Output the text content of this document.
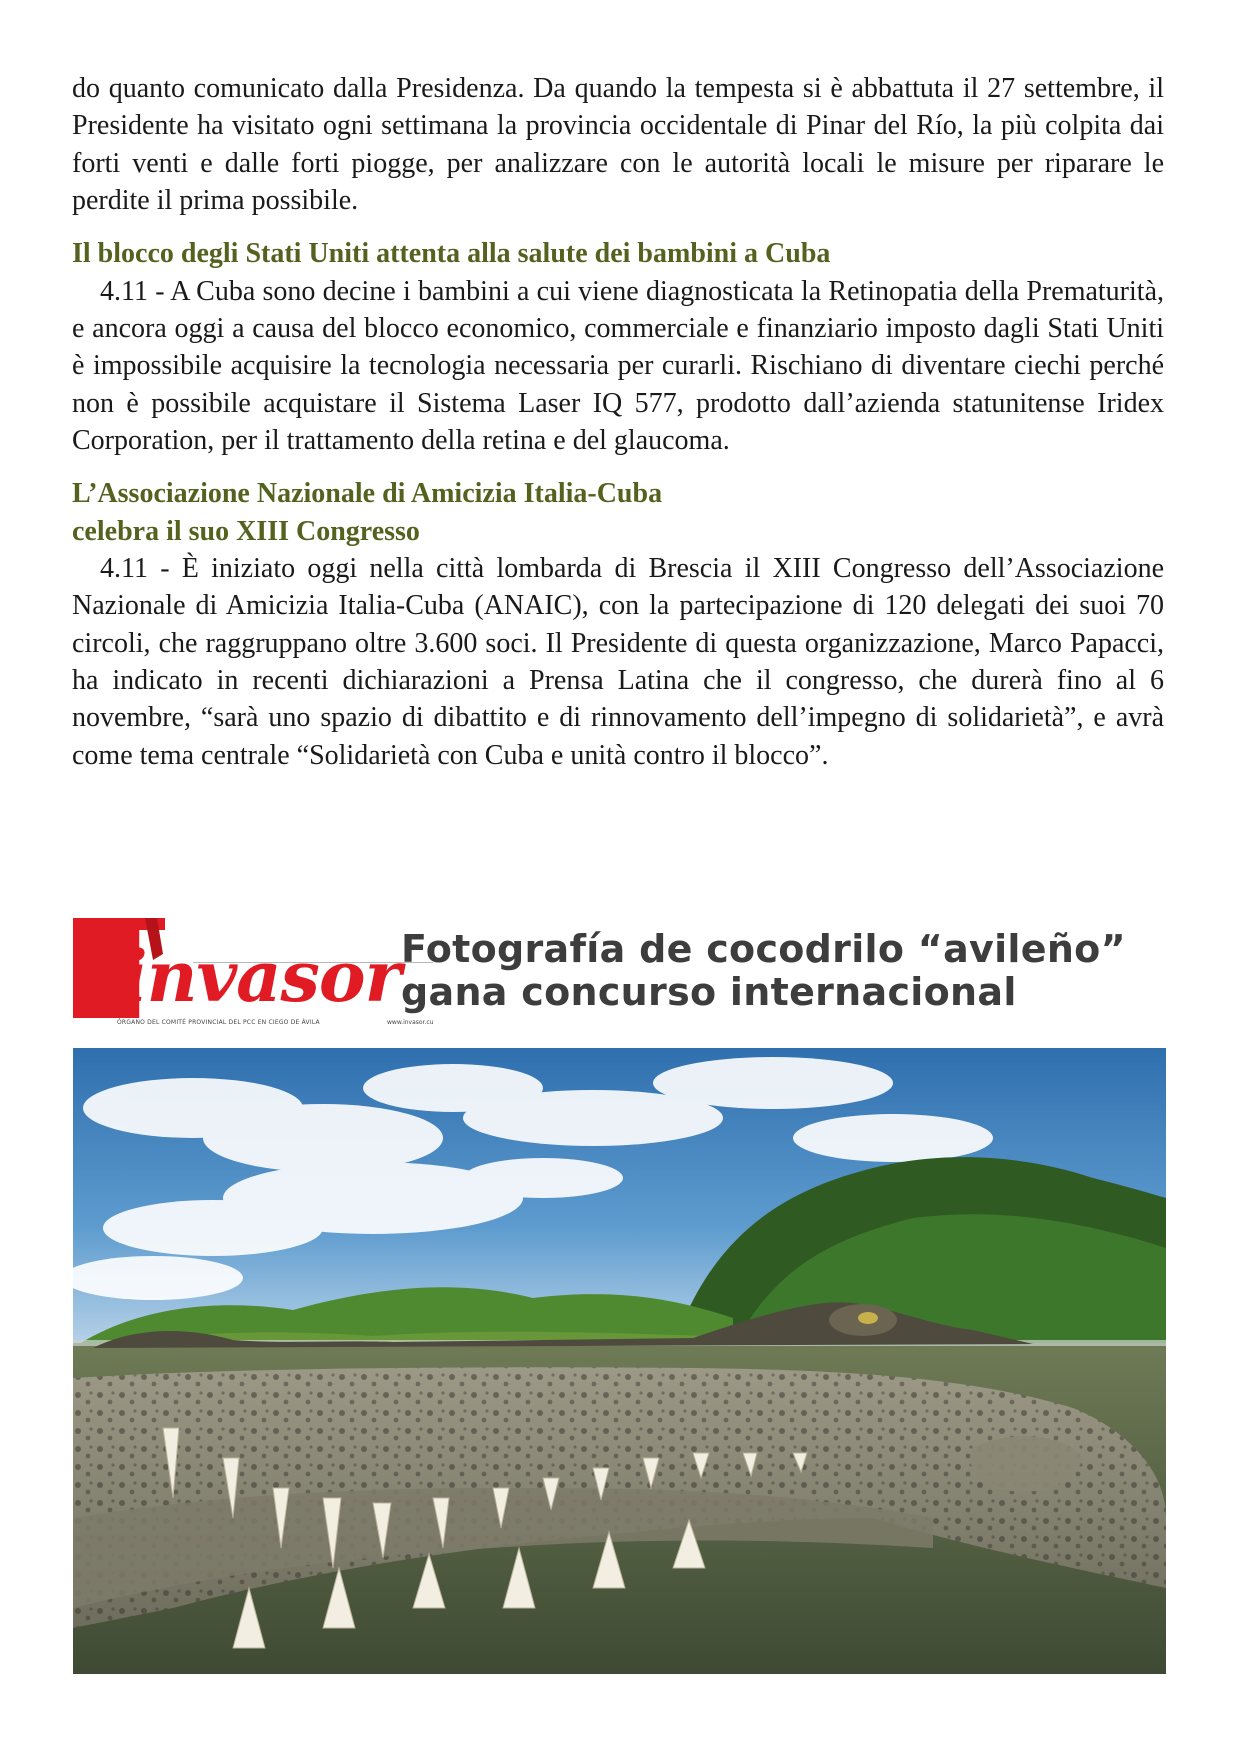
do quanto comunicato dalla Presidenza. Da quando la tempesta si è abbattuta il 27 settembre, il Presidente ha visitato ogni settimana la provincia occidentale di Pinar del Río, la più colpita dai forti venti e dalle forti piogge, per analizzare con le autorità locali le misure per riparare le perdite il prima possibile.

Il blocco degli Stati Uniti attenta alla salute dei bambini a Cuba

4.11 - A Cuba sono decine i bambini a cui viene diagnosticata la Retinopatia della Prematurità, e ancora oggi a causa del blocco economico, commerciale e finanziario imposto dagli Stati Uniti è impossibile acquisire la tecnologia necessaria per curarli. Rischiano di diventare ciechi perché non è possibile acquistare il Sistema Laser IQ 577, prodotto dall’azienda statunitense Iridex Corporation, per il trattamento della retina e del glaucoma.

L’Associazione Nazionale di Amicizia Italia-Cuba

celebra il suo XIII Congresso

4.11 - È iniziato oggi nella città lombarda di Brescia il XIII Congresso dell’Associazione Nazionale di Amicizia Italia-Cuba (ANAIC), con la partecipazione di 120 delegati dei suoi 70 circoli, che raggruppano oltre 3.600 soci. Il Presidente di questa organizzazione, Marco Papacci, ha indicato in recenti dichiarazioni a Prensa Latina che il congresso, che durerà fino al 6 novembre, “sarà uno spazio di dibattito e di rinnovamento dell’impegno di solidarietà”, e avrà come tema centrale “Solidarietà con Cuba e unità contro il blocco”.

invasor
ÓRGANO DEL COMITÉ PROVINCIAL DEL PCC EN CIEGO DE ÁVILA	www.invasor.cu
Fotografía de cocodrilo “avileño”
gana concurso internacional
